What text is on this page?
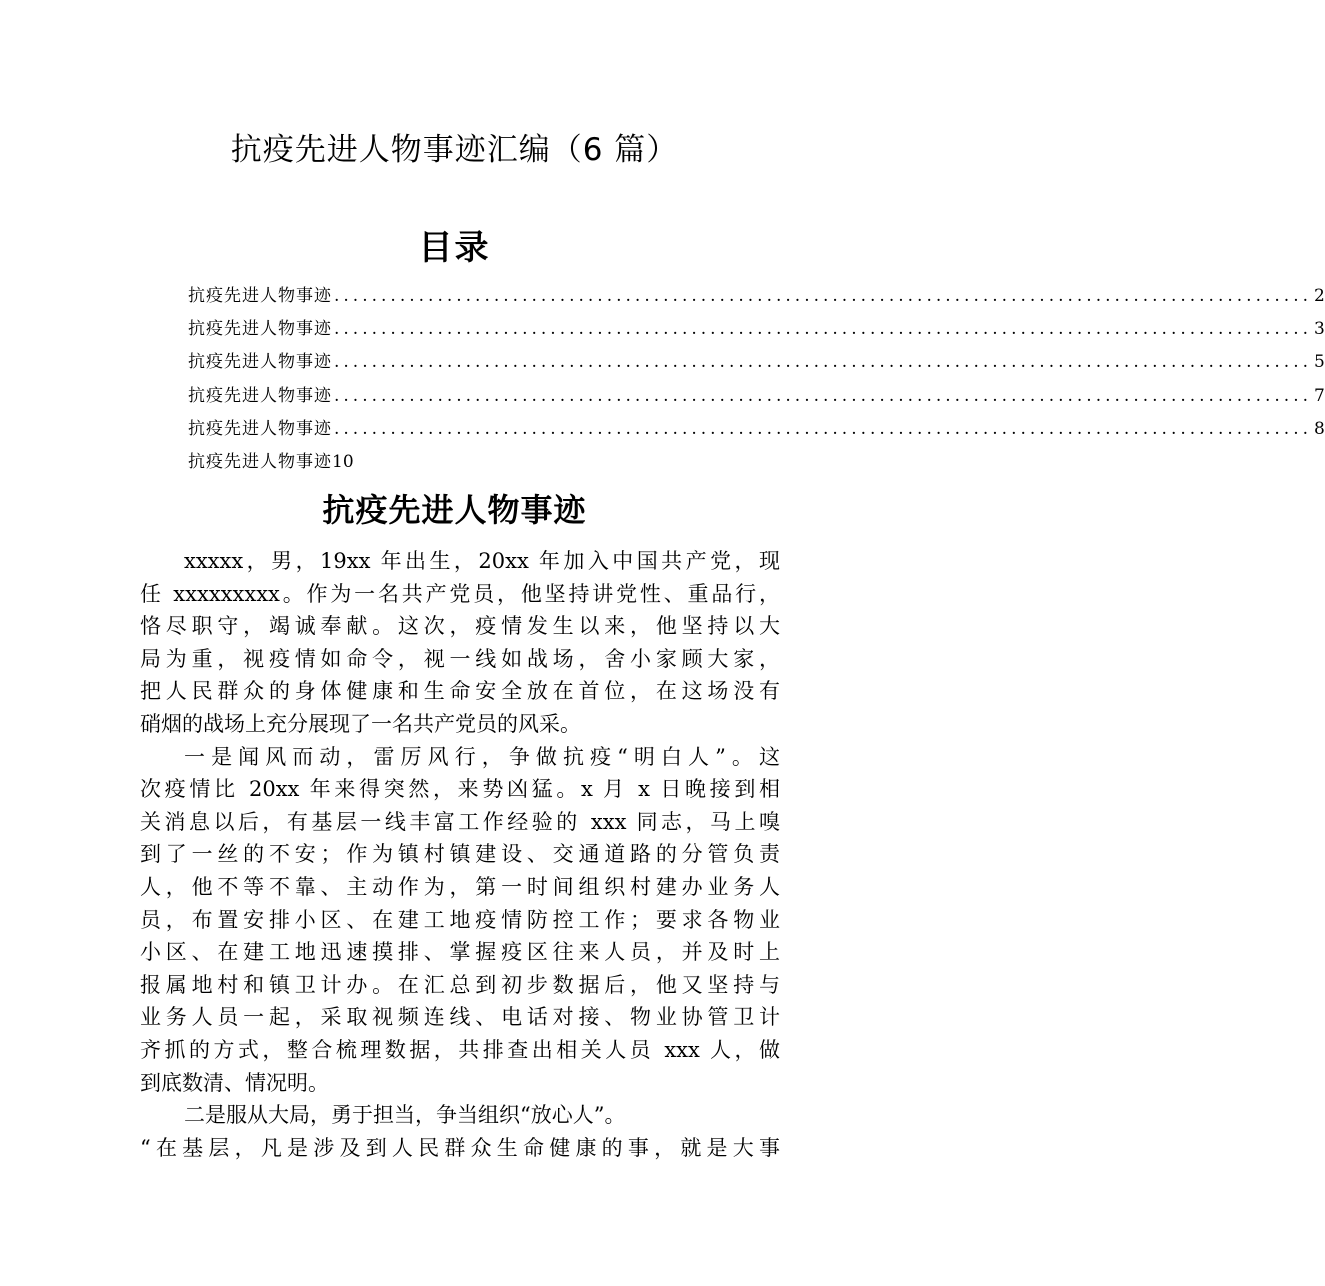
抗疫先进人物事迹汇编（6 篇）
目录
抗疫先进人物事迹 ........................................................................................................ 2
抗疫先进人物事迹 ........................................................................................................ 3
抗疫先进人物事迹 ........................................................................................................ 5
抗疫先进人物事迹 ........................................................................................................ 7
抗疫先进人物事迹 ........................................................................................................ 8
抗疫先进人物事迹 10
抗疫先进人物事迹
xxxxx，男，19xx 年出生，20xx 年加入中国共产党，现
任 xxxxxxxxx。作为一名共产党员，他坚持讲党性、重品行，
恪尽职守，竭诚奉献。这次，疫情发生以来，他坚持以大
局为重，视疫情如命令，视一线如战场，舍小家顾大家，
把人民群众的身体健康和生命安全放在首位，在这场没有
硝烟的战场上充分展现了一名共产党员的风采。
一是闻风而动，雷厉风行，争做抗疫“明白人”。这
次疫情比 20xx 年来得突然，来势凶猛。x 月 x 日晚接到相
关消息以后，有基层一线丰富工作经验的 xxx 同志，马上嗅
到了一丝的不安；作为镇村镇建设、交通道路的分管负责
人，他不等不靠、主动作为，第一时间组织村建办业务人
员，布置安排小区、在建工地疫情防控工作；要求各物业
小区、在建工地迅速摸排、掌握疫区往来人员，并及时上
报属地村和镇卫计办。在汇总到初步数据后，他又坚持与
业务人员一起，采取视频连线、电话对接、物业协管卫计
齐抓的方式，整合梳理数据，共排查出相关人员 xxx 人，做
到底数清、情况明。
二是服从大局，勇于担当，争当组织“放心人”。
“在基层，凡是涉及到人民群众生命健康的事，就是大事
